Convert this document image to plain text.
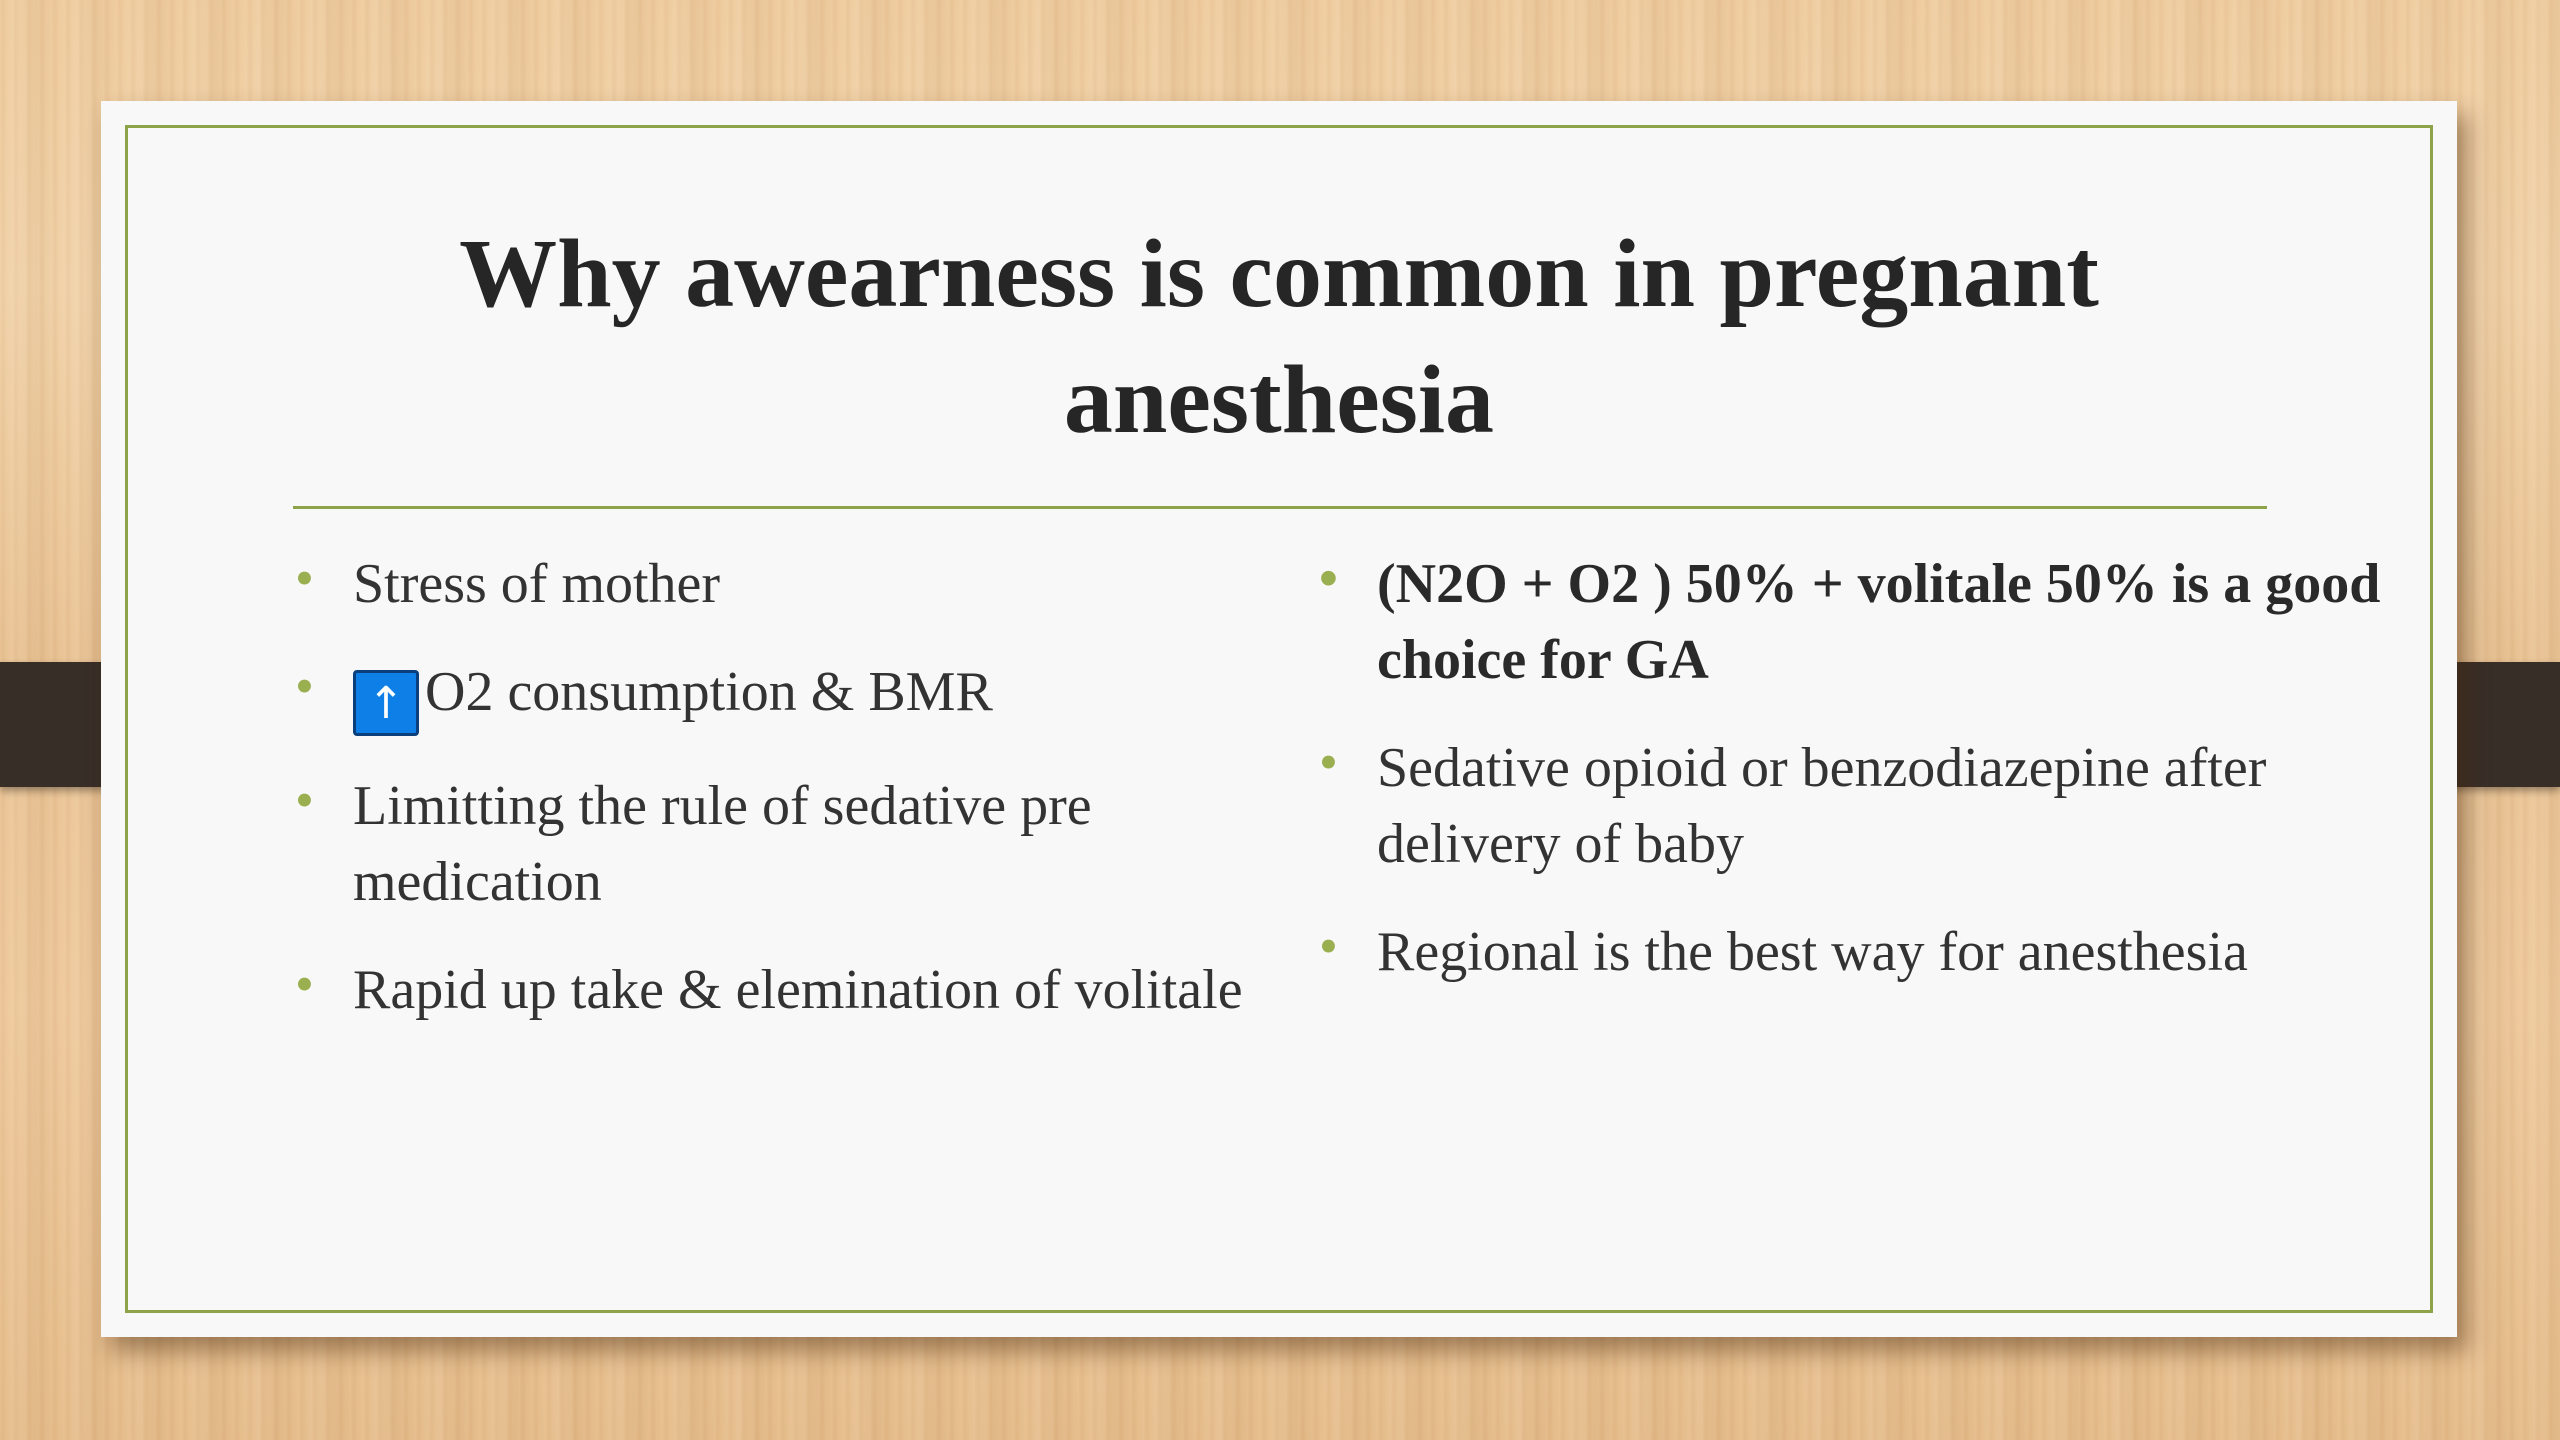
Why awearness is common in pregnant anesthesia
• Stress of mother
• ↑ O2 consumption & BMR
• Limitting the rule of sedative pre medication
• Rapid up take & elemination of volitale
• (N2O + O2 ) 50% + volitale 50% is a good choice for GA
• Sedative opioid or benzodiazepine after delivery of baby
• Regional is the best way for anesthesia
